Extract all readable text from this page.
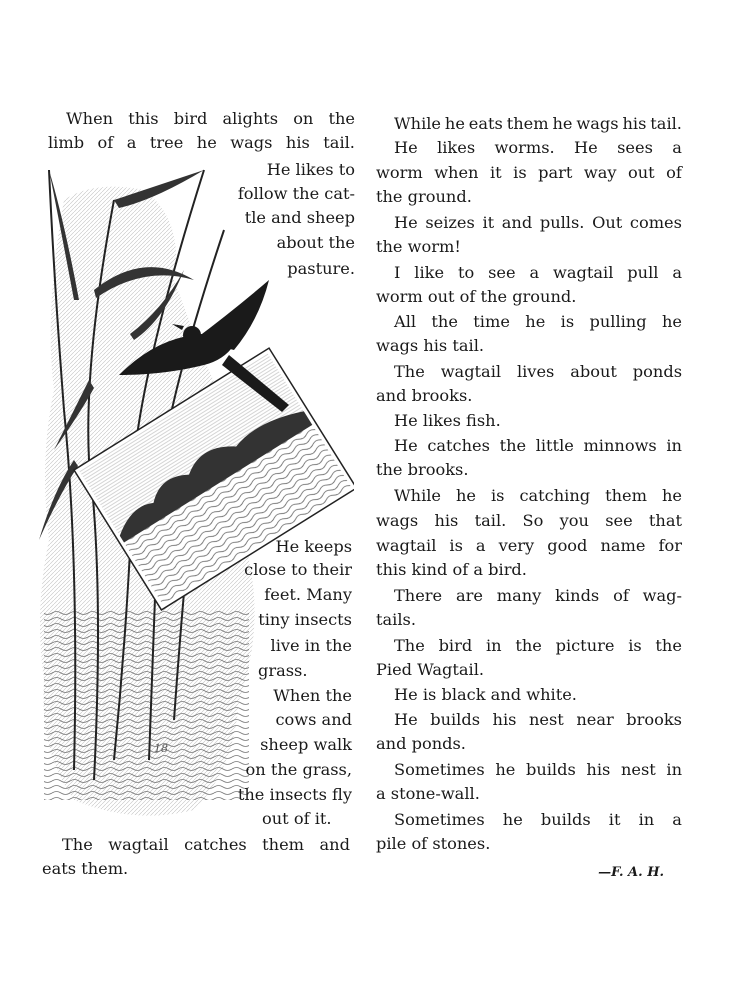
18

When this bird alights on the

limb of a tree he wags his tail.

He likes to

follow the cat-

tle and sheep

about the

pasture.

He keeps

close to their

feet. Many

tiny insects

live in the

grass.

When the

cows and

sheep walk

on the grass,

the insects fly

out of it.

The wagtail catches them and

eats them.

While he eats them he wags his tail.

He likes worms. He sees a

worm when it is part way out of

the ground.

He seizes it and pulls. Out comes

the worm!

I like to see a wagtail pull a

worm out of the ground.

All the time he is pulling he

wags his tail.

The wagtail lives about ponds

and brooks.

He likes fish.

He catches the little minnows in

the brooks.

While he is catching them he

wags his tail. So you see that

wagtail is a very good name for

this kind of a bird.

There are many kinds of wag-

tails.

The bird in the picture is the

Pied Wagtail.

He is black and white.

He builds his nest near brooks

and ponds.

Sometimes he builds his nest in

a stone-wall.

Sometimes he builds it in a

pile of stones.

—F. A. H.
